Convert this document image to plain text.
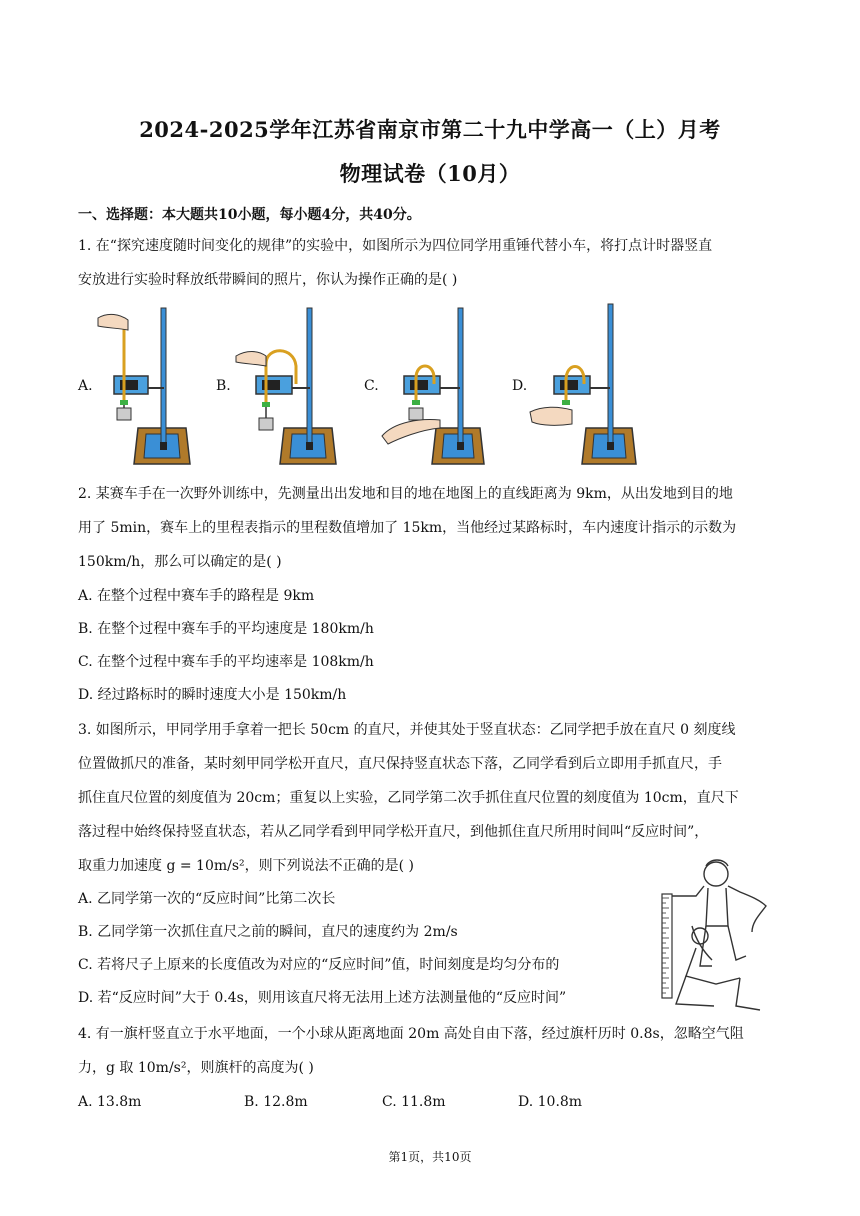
2024-2025学年江苏省南京市第二十九中学高一（上）月考
物理试卷（10月）
一、选择题：本大题共10小题，每小题4分，共40分。
1. 在“探究速度随时间变化的规律”的实验中，如图所示为四位同学用重锤代替小车，将打点计时器竖直
安放进行实验时释放纸带瞬间的照片，你认为操作正确的是( )
A.	B.	C.	D.
2. 某赛车手在一次野外训练中，先测量出出发地和目的地在地图上的直线距离为 9km，从出发地到目的地
用了 5min，赛车上的里程表指示的里程数值增加了 15km，当他经过某路标时，车内速度计指示的示数为
150km/h，那么可以确定的是( )
A. 在整个过程中赛车手的路程是 9km
B. 在整个过程中赛车手的平均速度是 180km/h
C. 在整个过程中赛车手的平均速率是 108km/h
D. 经过路标时的瞬时速度大小是 150km/h
3. 如图所示，甲同学用手拿着一把长 50cm 的直尺，并使其处于竖直状态：乙同学把手放在直尺 0 刻度线
位置做抓尺的准备，某时刻甲同学松开直尺，直尺保持竖直状态下落，乙同学看到后立即用手抓直尺，手
抓住直尺位置的刻度值为 20cm；重复以上实验，乙同学第二次手抓住直尺位置的刻度值为 10cm，直尺下
落过程中始终保持竖直状态，若从乙同学看到甲同学松开直尺，到他抓住直尺所用时间叫“反应时间”，
取重力加速度 g = 10m/s²，则下列说法不正确的是( )
A. 乙同学第一次的“反应时间”比第二次长
B. 乙同学第一次抓住直尺之前的瞬间，直尺的速度约为 2m/s
C. 若将尺子上原来的长度值改为对应的“反应时间”值，时间刻度是均匀分布的
D. 若“反应时间”大于 0.4s，则用该直尺将无法用上述方法测量他的“反应时间”
4. 有一旗杆竖直立于水平地面，一个小球从距离地面 20m 高处自由下落，经过旗杆历时 0.8s，忽略空气阻
力，g 取 10m/s²，则旗杆的高度为( )
A. 13.8m	B. 12.8m	C. 11.8m	D. 10.8m
第1页，共10页
